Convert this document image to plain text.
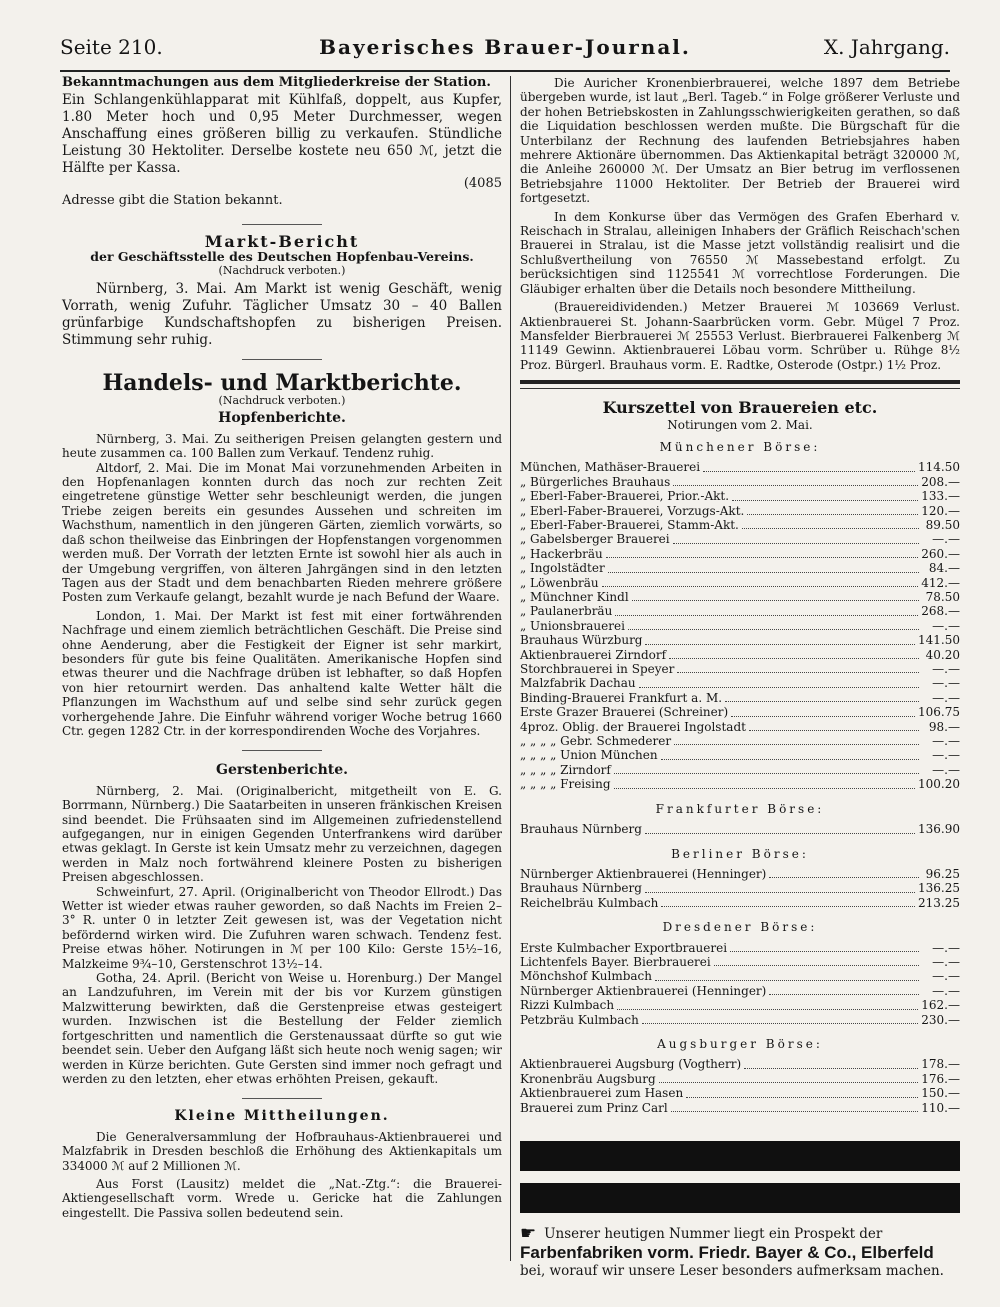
Seite 210.	Bayerisches Brauer-Journal.	X. Jahrgang.

Bekanntmachungen aus dem Mitgliederkreise der Station.

Ein Schlangenkühlapparat mit Kühlfaß, doppelt, aus Kupfer, 1.80 Meter hoch und 0,95 Meter Durchmesser, wegen Anschaffung eines größeren billig zu verkaufen. Stündliche Leistung 30 Hektoliter. Derselbe kostete neu 650 ℳ, jetzt die Hälfte per Kassa.

(4085

Adresse gibt die Station bekannt.

Markt-Bericht

der Geschäftsstelle des Deutschen Hopfenbau-Vereins.

(Nachdruck verboten.)

Nürnberg, 3. Mai. Am Markt ist wenig Geschäft, wenig Vorrath, wenig Zufuhr. Täglicher Umsatz 30 – 40 Ballen grünfarbige Kundschaftshopfen zu bisherigen Preisen. Stimmung sehr ruhig.

Handels- und Marktberichte.

(Nachdruck verboten.)

Hopfenberichte.

Nürnberg, 3. Mai. Zu seitherigen Preisen gelangten gestern und heute zusammen ca. 100 Ballen zum Verkauf. Tendenz ruhig.

Altdorf, 2. Mai. Die im Monat Mai vorzunehmenden Arbeiten in den Hopfenanlagen konnten durch das noch zur rechten Zeit eingetretene günstige Wetter sehr beschleunigt werden, die jungen Triebe zeigen bereits ein gesundes Aussehen und schreiten im Wachsthum, namentlich in den jüngeren Gärten, ziemlich vorwärts, so daß schon theilweise das Einbringen der Hopfenstangen vorgenommen werden muß. Der Vorrath der letzten Ernte ist sowohl hier als auch in der Umgebung vergriffen, von älteren Jahrgängen sind in den letzten Tagen aus der Stadt und dem benachbarten Rieden mehrere größere Posten zum Verkaufe gelangt, bezahlt wurde je nach Befund der Waare.

London, 1. Mai. Der Markt ist fest mit einer fortwährenden Nachfrage und einem ziemlich beträchtlichen Geschäft. Die Preise sind ohne Aenderung, aber die Festigkeit der Eigner ist sehr markirt, besonders für gute bis feine Qualitäten. Amerikanische Hopfen sind etwas theurer und die Nachfrage drüben ist lebhafter, so daß Hopfen von hier retournirt werden. Das anhaltend kalte Wetter hält die Pflanzungen im Wachsthum auf und selbe sind sehr zurück gegen vorhergehende Jahre. Die Einfuhr während voriger Woche betrug 1660 Ctr. gegen 1282 Ctr. in der korrespondirenden Woche des Vorjahres.

Gerstenberichte.

Nürnberg, 2. Mai. (Originalbericht, mitgetheilt von E. G. Borrmann, Nürnberg.) Die Saatarbeiten in unseren fränkischen Kreisen sind beendet. Die Frühsaaten sind im Allgemeinen zufriedenstellend aufgegangen, nur in einigen Gegenden Unterfrankens wird darüber etwas geklagt. In Gerste ist kein Umsatz mehr zu verzeichnen, dagegen werden in Malz noch fortwährend kleinere Posten zu bisherigen Preisen abgeschlossen.

Schweinfurt, 27. April. (Originalbericht von Theodor Ellrodt.) Das Wetter ist wieder etwas rauher geworden, so daß Nachts im Freien 2–3° R. unter 0 in letzter Zeit gewesen ist, was der Vegetation nicht befördernd wirken wird. Die Zufuhren waren schwach. Tendenz fest. Preise etwas höher. Notirungen in ℳ per 100 Kilo: Gerste 15½–16, Malzkeime 9¾–10, Gerstenschrot 13½–14.

Gotha, 24. April. (Bericht von Weise u. Horenburg.) Der Mangel an Landzufuhren, im Verein mit der bis vor Kurzem günstigen Malzwitterung bewirkten, daß die Gerstenpreise etwas gesteigert wurden. Inzwischen ist die Bestellung der Felder ziemlich fortgeschritten und namentlich die Gerstenaussaat dürfte so gut wie beendet sein. Ueber den Aufgang läßt sich heute noch wenig sagen; wir werden in Kürze berichten. Gute Gersten sind immer noch gefragt und werden zu den letzten, eher etwas erhöhten Preisen, gekauft.

Kleine Mittheilungen.

Die Generalversammlung der Hofbrauhaus-Aktienbrauerei und Malzfabrik in Dresden beschloß die Erhöhung des Aktienkapitals um 334000 ℳ auf 2 Millionen ℳ.

Aus Forst (Lausitz) meldet die „Nat.-Ztg.“: die Brauerei-Aktiengesellschaft vorm. Wrede u. Gericke hat die Zahlungen eingestellt. Die Passiva sollen bedeutend sein.

Die Auricher Kronenbierbrauerei, welche 1897 dem Betriebe übergeben wurde, ist laut „Berl. Tageb.“ in Folge größerer Verluste und der hohen Betriebskosten in Zahlungsschwierigkeiten gerathen, so daß die Liquidation beschlossen werden mußte. Die Bürgschaft für die Unterbilanz der Rechnung des laufenden Betriebsjahres haben mehrere Aktionäre übernommen. Das Aktienkapital beträgt 320000 ℳ, die Anleihe 260000 ℳ. Der Umsatz an Bier betrug im verflossenen Betriebsjahre 11000 Hektoliter. Der Betrieb der Brauerei wird fortgesetzt.

In dem Konkurse über das Vermögen des Grafen Eberhard v. Reischach in Stralau, alleinigen Inhabers der Gräflich Reischach'schen Brauerei in Stralau, ist die Masse jetzt vollständig realisirt und die Schlußvertheilung von 76550 ℳ Massebestand erfolgt. Zu berücksichtigen sind 1125541 ℳ vorrechtlose Forderungen. Die Gläubiger erhalten über die Details noch besondere Mittheilung.

(Brauereidividenden.) Metzer Brauerei ℳ 103669 Verlust. Aktienbrauerei St. Johann-Saarbrücken vorm. Gebr. Mügel 7 Proz. Mansfelder Bierbrauerei ℳ 25553 Verlust. Bierbrauerei Falkenberg ℳ 11149 Gewinn. Aktienbrauerei Löbau vorm. Schrüber u. Rühge 8½ Proz. Bürgerl. Brauhaus vorm. E. Radtke, Osterode (Ostpr.) 1½ Proz.

Kurszettel von Brauereien etc.

Notirungen vom 2. Mai.

Münchener Börse:

München, Mathäser-Brauerei	114.50
„ Bürgerliches Brauhaus	208.—
„ Eberl-Faber-Brauerei, Prior.-Akt.	133.—
„ Eberl-Faber-Brauerei, Vorzugs-Akt.	120.—
„ Eberl-Faber-Brauerei, Stamm-Akt.	89.50
„ Gabelsberger Brauerei	—.—
„ Hackerbräu	260.—
„ Ingolstädter	84.—
„ Löwenbräu	412.—
„ Münchner Kindl	78.50
„ Paulanerbräu	268.—
„ Unionsbrauerei	—.—
Brauhaus Würzburg	141.50
Aktienbrauerei Zirndorf	40.20
Storchbrauerei in Speyer	—.—
Malzfabrik Dachau	—.—
Binding-Brauerei Frankfurt a. M.	—.—
Erste Grazer Brauerei (Schreiner)	106.75
4proz. Oblig. der Brauerei Ingolstadt	98.—
„ „ „ „ Gebr. Schmederer	—.—
„ „ „ „ Union München	—.—
„ „ „ „ Zirndorf	—.—
„ „ „ „ Freising	100.20

Frankfurter Börse:

Brauhaus Nürnberg	136.90

Berliner Börse:

Nürnberger Aktienbrauerei (Henninger)	96.25
Brauhaus Nürnberg	136.25
Reichelbräu Kulmbach	213.25

Dresdener Börse:

Erste Kulmbacher Exportbrauerei	—.—
Lichtenfels Bayer. Bierbrauerei	—.—
Mönchshof Kulmbach	—.—
Nürnberger Aktienbrauerei (Henninger)	—.—
Rizzi Kulmbach	162.—
Petzbräu Kulmbach	230.—

Augsburger Börse:

Aktienbrauerei Augsburg (Vogtherr)	178.—
Kronenbräu Augsburg	176.—
Aktienbrauerei zum Hasen	150.—
Brauerei zum Prinz Carl	110.—

☛ Unserer heutigen Nummer liegt ein Prospekt der

Farbenfabriken vorm. Friedr. Bayer & Co., Elberfeld

bei, worauf wir unsere Leser besonders aufmerksam machen.
